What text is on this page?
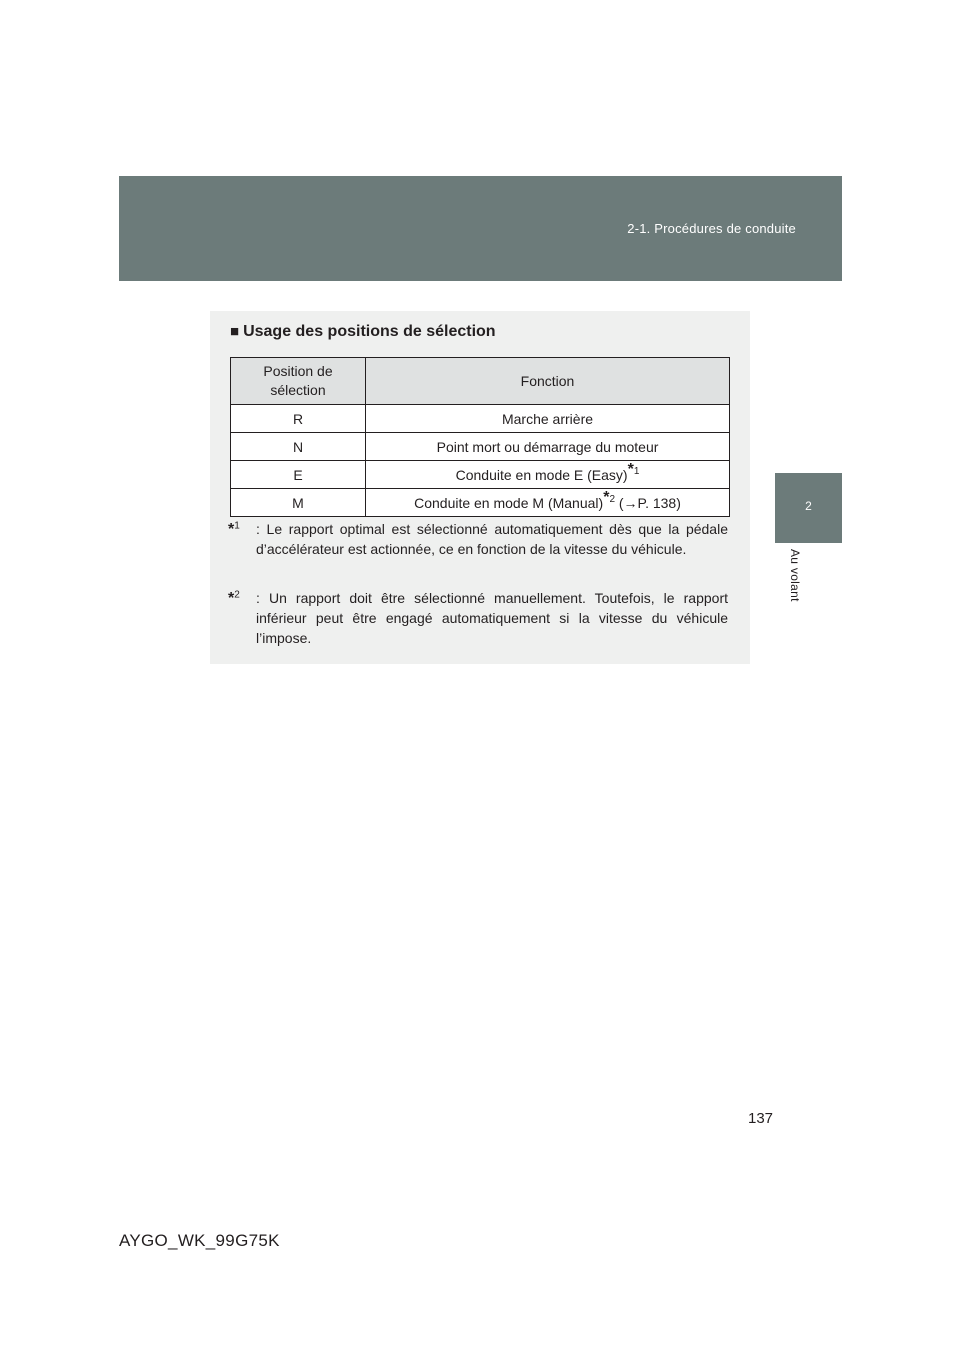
2-1. Procédures de conduite
2
Au volant
■ Usage des positions de sélection
Position de sélection	Fonction
R	Marche arrière
N	Point mort ou démarrage du moteur
E	Conduite en mode E (Easy)$^{*1}$
M	Conduite en mode M (Manual)$^{*2}$ (→P. 138)
*$^1$	: Le rapport optimal est sélectionné automatiquement dès que la pédale d’accélérateur est actionnée, ce en fonction de la vitesse du véhicule.
*$^2$	: Un rapport doit être sélectionné manuellement. Toutefois, le rapport inférieur peut être engagé automatiquement si la vitesse du véhicule l’impose.
137
AYGO_WK_99G75K
